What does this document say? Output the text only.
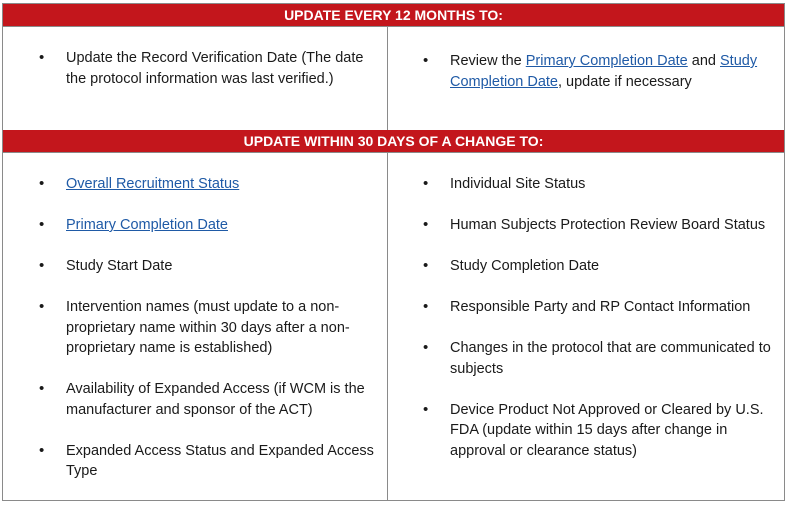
UPDATE EVERY 12 MONTHS TO:
• Update the Record Verification Date (The date the protocol information was last verified.)
• Review the Primary Completion Date and Study Completion Date, update if necessary
UPDATE WITHIN 30 DAYS OF A CHANGE TO:
• Overall Recruitment Status
• Primary Completion Date
• Study Start Date
• Intervention names (must update to a non-proprietary name within 30 days after a non-proprietary name is established)
• Availability of Expanded Access (if WCM is the manufacturer and sponsor of the ACT)
• Expanded Access Status and Expanded Access Type
• Individual Site Status
• Human Subjects Protection Review Board Status
• Study Completion Date
• Responsible Party and RP Contact Information
• Changes in the protocol that are communicated to subjects
• Device Product Not Approved or Cleared by U.S. FDA (update within 15 days after change in approval or clearance status)
